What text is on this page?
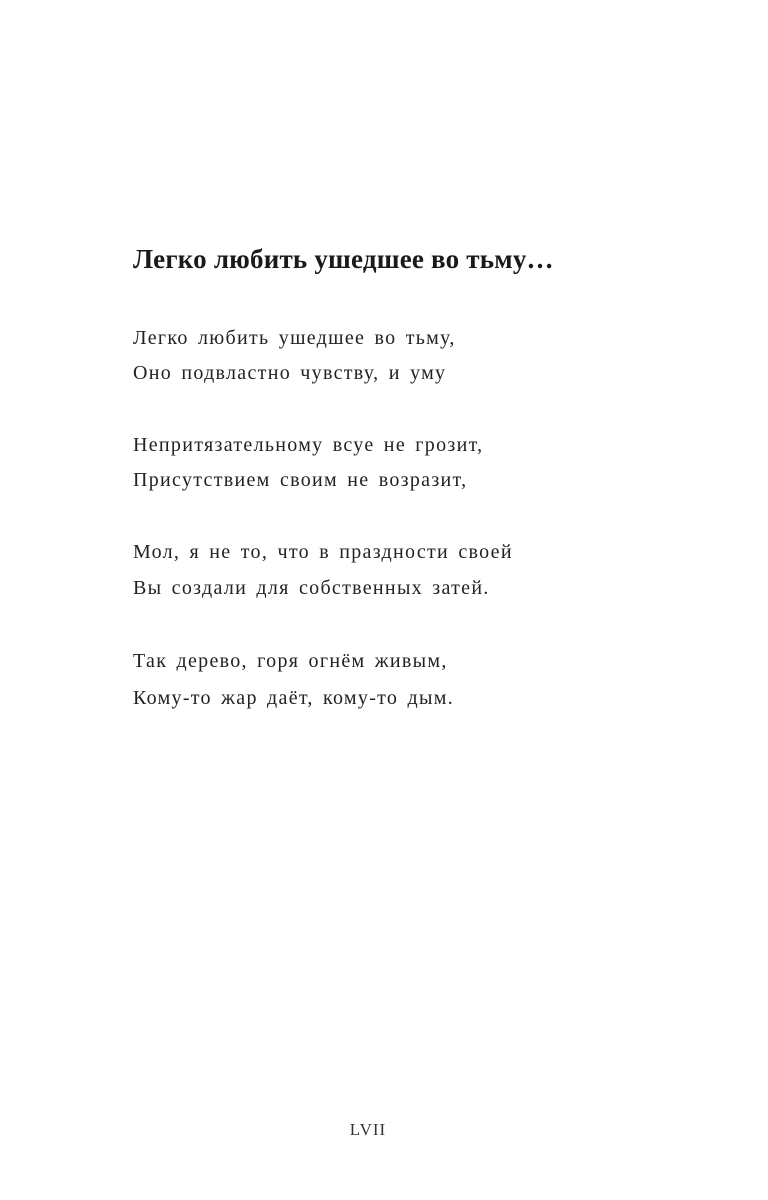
Легко любить ушедшее во тьму…
Легко любить ушедшее во тьму,
Оно подвластно чувству, и уму
Непритязательному всуе не грозит,
Присутствием своим не возразит,
Мол, я не то, что в праздности своей
Вы создали для собственных затей.
Так дерево, горя огнём живым,
Кому-то жар даёт, кому-то дым.
LVII
